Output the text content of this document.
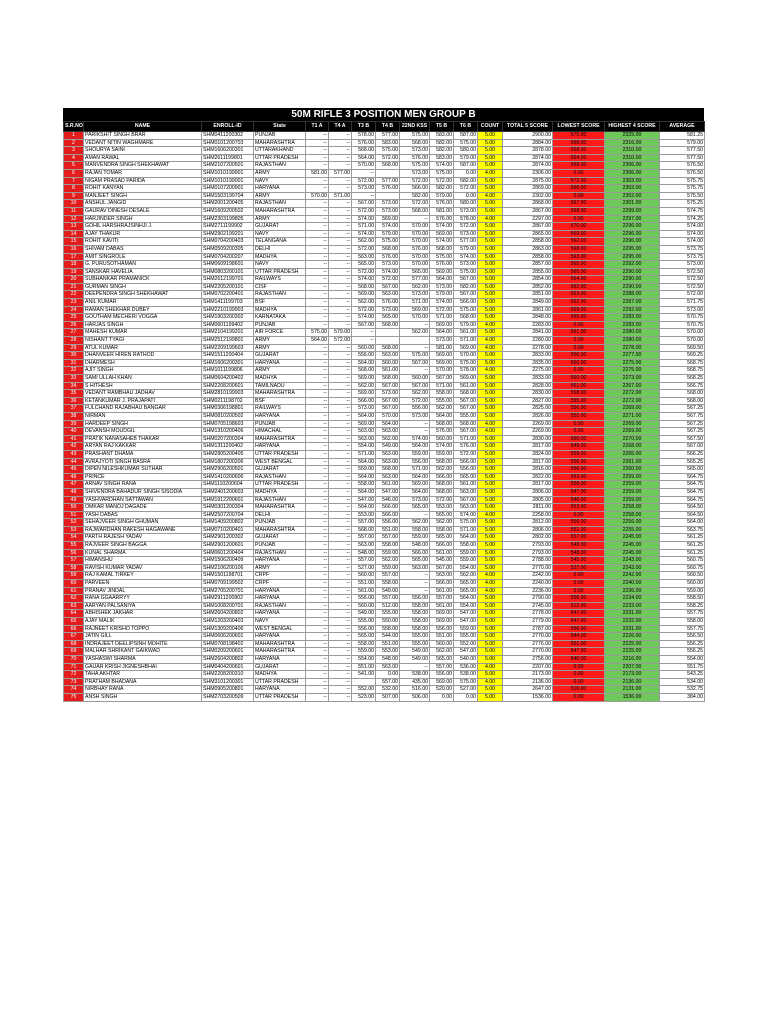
50M RIFLE 3 POSITION MEN GROUP B
S.R.NO	NAME	ENROLL-ID	State	T1 A	T4 A	T3 B	T4 B	22ND KSS	T5 B	T6 B	COUNT	TOTAL 5 SCORE	LOWEST SCORE	HIGHEST 4 SCORE	AVERAGE
1	PARIKSHIT SINGH BRAR	SHM0411200302	PUNJAB	--	--	578.00	577.00	575.00	583.00	587.00	5.00	2900.00	575.00	2325.00	581.25
2	VEDANT NITIN WAGHMARE	SHM0101200703	MAHARASHTRA	--	--	576.00	583.00	568.00	582.00	575.00	5.00	2884.00	568.00	2316.00	579.00
3	SHOURYA SAINI	SHM1606200301	UTTARAKHAND	--	--	568.00	575.00	573.00	582.00	580.00	5.00	2878.00	568.00	2310.00	577.50
4	AMAN RAWAL	SHM2611199801	UTTAR PRADESH	--	--	564.00	572.00	576.00	583.00	579.00	5.00	2874.00	564.00	2310.00	577.50
5	MANVENDRA SINGH SHEKHAWAT	SHM2107200501	RAJASTHAN	--	--	570.00	568.00	575.00	574.00	587.00	5.00	2874.00	568.00	2306.00	576.50
6	RAJAN TOMAR	SHM1010199901	ARMY	581.00	577.00	--		573.00	575.00	0.00	4.00	2306.00	0.00	2306.00	576.50
7	NIGAM PRASAD PARIDA	SHM1010199001	NAVY	--	--	572.00	577.00	572.00	572.00	582.00	5.00	2875.00	572.00	2303.00	575.75
8	ROHIT KANYAN	SHM0107200901	HARYANA	--	--	573.00	576.00	566.00	582.00	572.00	5.00	2869.00	566.00	2303.00	575.75
9	MANJEET SINGH	SHM1503199704	ARMY	570.00	571.00	--		582.00	579.00	0.00	4.00	2302.00	0.00	2302.00	575.50
10	ANSHUL JANGID	SHM2001200405	RAJASTHAN	--	--	567.00	573.00	572.00	576.00	580.00	5.00	2868.00	567.00	2301.00	575.25
11	GAURAV DINESH DESALE	SHM1609200502	MAHARASHTRA	--	--	572.00	573.00	568.00	581.00	573.00	5.00	2867.00	568.00	2299.00	574.75
12	HARJINDER SINGH	SHM2303199805	ARMY	--	--	574.00	569.00	--	576.00	578.00	4.00	2297.00	0.00	2297.00	574.25
13	GOHIL HARSHRAJSINHJI J.	SHM2711199902	GUJARAT	--	--	571.00	574.00	570.00	574.00	572.00	5.00	2867.00	570.00	2296.00	574.00
14	AJAY THAKUR	SHM2902199201	NAVY	--	--	574.00	579.00	570.00	569.00	573.00	5.00	2865.00	569.00	2296.00	574.00
15	ROHIT KAVITI	SHM0704200403	TELANGANA	--	--	562.00	575.00	570.00	574.00	577.00	5.00	2858.00	562.00	2296.00	574.00
16	SHIVAM DABAS	SHM0509200305	DELHI	--	--	572.00	568.00	576.00	568.00	579.00	5.00	2863.00	568.00	2295.00	573.75
17	AMIT SINGROLE	SHM0704200207	MADHYA	--	--	563.00	576.00	570.00	575.00	574.00	5.00	2858.00	563.00	2295.00	573.75
18	G. PURUSOTHAMAN	SHM0609198601	NAVY	--	--	565.00	573.00	570.00	576.00	573.00	5.00	2857.00	565.00	2292.00	573.00
19	SANSKAR HAVELIA	SHM0803200101	UTTAR PRADESH	--	--	572.00	574.00	565.00	569.00	575.00	5.00	2855.00	565.00	2290.00	572.50
20	SUBHANKAR PRAMANICK	SHM2612199701	RAILWAYS	--	--	574.00	572.00	577.00	564.00	567.00	5.00	2854.00	564.00	2290.00	572.50
21	GURMAN SINGH	SHM2205200101	CISF	--	--	568.00	567.00	562.00	573.00	582.00	5.00	2852.00	562.00	2290.00	572.50
22	DEEPENDRA SINGH SHEKHAWAT	SHM0702200401	RAJASTHAN	--	--	569.00	563.00	573.00	579.00	567.00	5.00	2851.00	563.00	2288.00	572.00
23	ANIL KUMAR	SHM1411199703	BSF	--	--	562.00	576.00	571.00	574.00	566.00	5.00	2849.00	562.00	2287.00	571.75
24	RAMAN SHEKHAR DUBEY	SHM2210199903	MADHYA	--	--	572.00	573.00	569.00	572.00	575.00	5.00	2861.00	569.00	2292.00	573.00
25	GOUTHAM MECHERI VOGGA	SHM1903200302	KARNATAKA	--	--	574.00	565.00	570.00	571.00	568.00	5.00	2848.00	565.00	2283.00	570.75
26	HARJAS SINGH	SHM0601199402	PUNJAB	--	--	567.00	568.00	--	569.00	579.00	4.00	2283.00	0.00	2283.00	570.75
27	MAHESH KUMAR	SHM2104199201	AIR FORCE	575.00	579.00	--		562.00	564.00	561.00	5.00	2841.00	561.00	2280.00	570.00
28	NISHANT TYAGI	SHM2512199801	ARMY	564.00	572.00	--			573.00	571.00	4.00	2280.00	0.00	2280.00	570.00
29	ATUL KUMAR	SHM2209199603	ARMY	--	--	560.00	568.00	--	581.00	569.00	4.00	2278.00	0.00	2278.00	569.50
30	DHANVEER HIREN RATHOD	SHM1511200404	GUJARAT	--	--	556.00	563.00	575.00	569.00	570.00	5.00	2833.00	556.00	2277.00	569.25
31	DHARMESH	SHM1606200301	HARYANA	--	--	564.00	560.00	567.00	569.00	575.00	5.00	2835.00	560.00	2275.00	568.75
32	AJIT SINGH	SHM1011199806	ARMY	--	--	568.00	561.00	--	570.00	578.00	4.00	2275.00	0.00	2275.00	568.75
33	SAMI ULLAH KHAN	SHM0604200402	MADHYA	--	--	569.00	568.00	560.00	567.00	569.00	5.00	2833.00	560.00	2273.00	568.25
34	S HITHESH	SHM2208200601	TAMILNADU	--	--	562.00	567.00	567.00	571.00	561.00	5.00	2828.00	561.00	2267.00	566.75
35	VEDANT RAMBHAU JADHAV	SHM2810199903	MAHARASHTRA	--	--	569.00	573.00	562.00	558.00	568.00	5.00	2830.00	558.00	2272.00	568.00
36	KETANKUMAR J. PRAJAPATI	SHM0211198702	BSF	--	--	566.00	567.00	572.00	555.00	567.00	5.00	2827.00	555.00	2272.00	568.00
37	FULCHAND RAJABHAU BANGAR	SHM0306198801	RAILWAYS	--	--	573.00	567.00	556.00	562.00	567.00	5.00	2825.00	556.00	2269.00	567.25
38	NIRMAN	SHM0810200502	HARYANA	--	--	564.00	570.00	573.00	564.00	555.00	5.00	2826.00	555.00	2271.00	567.75
39	HARDEEP SINGH	SHM0705198603	PUNJAB	--	--	569.00	564.00	--	568.00	568.00	4.00	2269.00	0.00	2269.00	567.25
40	DEVANSH MOUDGIL	SHM1310200406	HIMACHAL	--	--	563.00	563.00	--	576.00	567.00	4.00	2269.00	0.00	2269.00	567.25
41	PRATIK NANASAHEB THAKAR	SHM0207200304	MAHARASHTRA	--	--	563.00	562.00	574.00	560.00	571.00	5.00	2830.00	560.00	2270.00	567.50
42	ARYAN RAJ KAKKAR	SHM1311200402	HARYANA	--	--	554.00	549.00	564.00	574.00	576.00	5.00	2817.00	549.00	2268.00	567.00
43	PRASHANT DHAMA	SHM2805200405	UTTAR PRADESH	--	--	571.00	563.00	559.00	559.00	572.00	5.00	2824.00	559.00	2265.00	566.25
44	AVRAJYOTI SINGH BASRA	SHM1807200206	WEST BENGAL	--	--	564.00	563.00	556.00	568.00	566.00	5.00	2817.00	556.00	2261.00	565.25
45	DIPEN NILESHKUMAR SUTHAR	SHM2906200501	GUJARAT	--	--	559.00	568.00	571.00	562.00	556.00	5.00	2816.00	556.00	2260.00	565.00
46	PRINCE	SHM1410200606	RAJASTHAN	--	--	564.00	563.00	564.00	566.00	565.00	5.00	2822.00	563.00	2259.00	564.75
47	ARNAV SINGH RANA	SHM1110200604	UTTAR PRADESH	--	--	558.00	561.00	569.00	568.00	561.00	5.00	2817.00	558.00	2259.00	564.75
48	SHIVENDRA BAHADUR SINGH SISODIA	SHM2401200603	MADHYA	--	--	564.00	547.00	564.00	568.00	563.00	5.00	2806.00	547.00	2259.00	564.75
49	YASHVARDHAN SATTAWAN	SHM1912200601	RAJASTHAN	--	--	547.00	546.00	573.00	572.00	567.00	5.00	2805.00	546.00	2259.00	564.75
50	OMKAR MANOJ DAGADE	SHM0301200304	MAHARASHTRA	--	--	564.00	566.00	565.00	553.00	563.00	5.00	2811.00	553.00	2258.00	564.50
51	YASH DABAS	SHM2507200704	DELHI	--	--	553.00	566.00	--	565.00	574.00	4.00	2258.00	0.00	2258.00	564.50
52	SEHAJVEER SINGH GHUMAN	SHM1409200802	PUNJAB	--	--	557.00	556.00	562.00	562.00	575.00	5.00	2812.00	556.00	2256.00	564.00
53	RAJWARDHAN RAKESH HAGAWANE	SHM0710200401	MAHARASHTRA	--	--	568.00	551.00	558.00	558.00	571.00	5.00	2806.00	551.00	2255.00	563.75
54	PARTH RAJESH YADAV	SHM2901200302	GUJARAT	--	--	557.00	557.00	559.00	565.00	564.00	5.00	2802.00	557.00	2245.00	561.25
55	RAJVEER SINGH BAGGA	SHM2901200601	PUNJAB	--	--	563.00	558.00	548.00	566.00	558.00	5.00	2793.00	548.00	2245.00	561.25
56	KUNAL SHARMA	SHM0601200404	RAJASTHAN	--	--	548.00	559.00	566.00	561.00	559.00	5.00	2793.00	548.00	2245.00	561.25
57	HIMANSHU	SHM1506200409	HARYANA	--	--	557.00	562.00	565.00	545.00	559.00	5.00	2788.00	545.00	2243.00	560.75
58	RAVISH KUMAR YADAV	SHM2106200106	ARMY	--	--	527.00	559.00	563.00	567.00	554.00	5.00	2770.00	527.00	2243.00	560.75
59	RAJ KAMAL TIRKEY	SHM1501198701	CRPF	--	--	560.00	557.00	--	563.00	562.00	4.00	2242.00	0.00	2242.00	560.50
60	PARVEEN	SHM0709199502	CRPF	--	--	551.00	558.00	--	566.00	565.00	4.00	2240.00	0.00	2240.00	560.00
61	PRANAV JINDAL	SHM2705200701	HARYANA	--	--	561.00	549.00	--	561.00	565.00	4.00	2236.00	0.00	2236.00	559.00
62	RANA GGAARRYY	SHM2911200902	HARYANA	--	--	556.00	557.00	556.00	557.00	564.00	5.00	2790.00	556.00	2234.00	558.50
63	AARYAN PALSANIYA	SHM1008200701	RAJASTHAN	--	--	560.00	512.00	558.00	561.00	554.00	5.00	2745.00	512.00	2233.00	558.25
64	ABHISHEK JAKHAR	SHM2604200802	HARYANA	--	--	549.00	555.00	558.00	569.00	547.00	5.00	2778.00	547.00	2231.00	557.75
65	AJAY MALIK	SHM1203200403	NAVY	--	--	555.00	550.00	558.00	569.00	547.00	5.00	2779.00	547.00	2232.00	558.00
66	RAJNEET KRISHO TOPPO	SHM1309200406	WEST BENGAL	--	--	556.00	558.00	558.00	556.00	559.00	5.00	2787.00	556.00	2231.00	557.75
67	JATIN GILL	SHM0606200601	HARYANA	--	--	565.00	544.00	555.00	551.00	555.00	5.00	2770.00	544.00	2226.00	556.50
68	INDRAJEET DEELIPSINH MOHITE	SHM0708198402	MAHARASHTRA	--	--	558.00	551.00	555.00	560.00	552.00	5.00	2776.00	551.00	2225.00	556.25
69	MALHAR SHRIKANT GAIKWAD	SHM0209200601	MAHARASHTRA	--	--	559.00	553.00	549.00	562.00	547.00	5.00	2770.00	547.00	2225.00	556.25
70	YASHASWI SHARMA	SHM2604200802	HARYANA	--	--	554.00	548.00	549.00	565.00	540.00	5.00	2756.00	540.00	2216.00	554.00
71	GAUAR KRISH JIGNESHBHAI	SHM0404200601	GUJARAT	--	--	551.00	563.00	--	557.00	536.00	4.00	2207.00	0.00	2207.00	551.75
72	TAHA AKHTAR	SHM2208200310	MADHYA	--	--	541.00	0.00	538.00	556.00	538.00	5.00	2173.00	0.00	2173.00	543.25
73	PRATHAM BHADANA	SHM3101200301	UTTAR PRADESH	--	--		557.00	435.00	569.00	575.00	4.00	2136.00	0.00	2136.00	534.00
74	NIRBHAY RANA	SHM0905200801	HARYANA	--	--	552.00	532.00	516.00	520.00	527.00	5.00	2647.00	516.00	2131.00	532.75
75	ANSH SINGH	SHM2703200509	UTTAR PRADESH	--	--	523.00	507.00	506.00	0.00	0.00	5.00	1536.00	0.00	1536.00	384.00
